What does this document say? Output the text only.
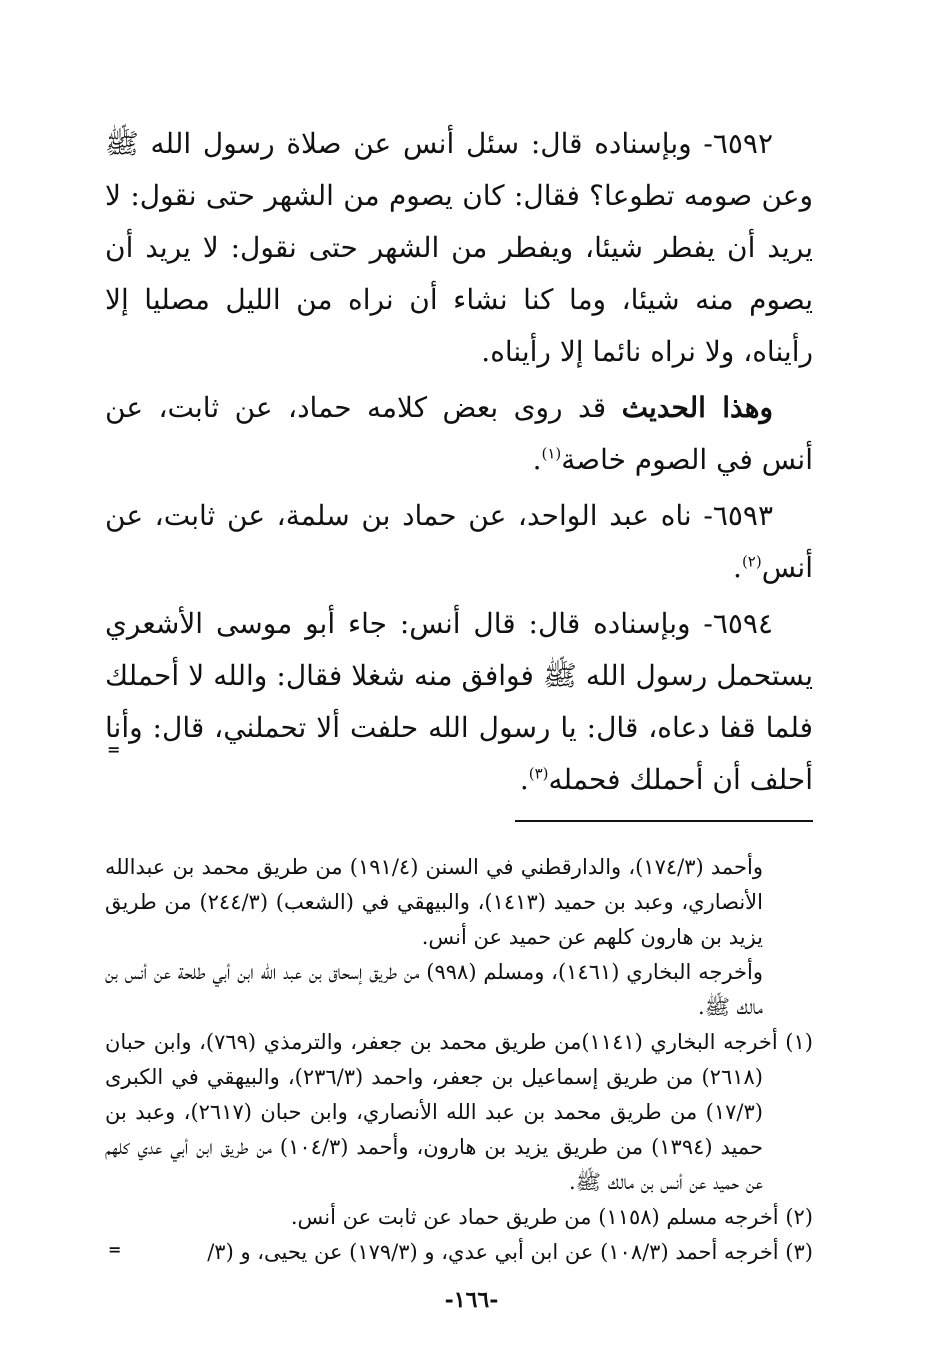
٦٥٩٢- وبإسناده قال: سئل أنس عن صلاة رسول الله ﷺ وعن صومه تطوعا؟ فقال: كان يصوم من الشهر حتى نقول: لا يريد أن يفطر شيئا، ويفطر من الشهر حتى نقول: لا يريد أن يصوم منه شيئا، وما كنا نشاء أن نراه من الليل مصليا إلا رأيناه، ولا نراه نائما إلا رأيناه.

وهذا الحديث قد روى بعض كلامه حماد، عن ثابت، عن أنس في الصوم خاصة$^{(١)}$.

٦٥٩٣- ناه عبد الواحد، عن حماد بن سلمة، عن ثابت، عن أنس$^{(٢)}$.

٦٥٩٤- وبإسناده قال: قال أنس: جاء أبو موسى الأشعري يستحمل رسول الله ﷺ فوافق منه شغلا فقال: والله لا أحملك فلما قفا دعاه، قال: يا رسول الله حلفت ألا تحملني، قال: وأنا أحلف أن أحملك فحمله$^{(٣)}$.

=

وأحمد (١٧٤/٣)، والدارقطني في السنن (١٩١/٤) من طريق محمد بن عبدالله الأنصاري، وعبد بن حميد (١٤١٣)، والبيهقي في (الشعب) (٢٤٤/٣) من طريق يزيد بن هارون كلهم عن حميد عن أنس.

وأخرجه البخاري (١٤٦١)، ومسلم (٩٩٨) من طريق إسحاق بن عبد الله ابن أبي طلحة عن أنس بن مالك ﷺ.

(١) أخرجه البخاري (١١٤١)من طريق محمد بن جعفر، والترمذي (٧٦٩)، وابن حبان (٢٦١٨) من طريق إسماعيل بن جعفر، واحمد (٢٣٦/٣)، والبيهقي في الكبرى (١٧/٣) من طريق محمد بن عبد الله الأنصاري، وابن حبان (٢٦١٧)، وعبد بن حميد (١٣٩٤) من طريق يزيد بن هارون، وأحمد (١٠٤/٣) من طريق ابن أبي عدي كلهم عن حميد عن أنس بن مالك ﷺ.

(٢) أخرجه مسلم (١١٥٨) من طريق حماد عن ثابت عن أنس.

(٣) أخرجه أحمد (١٠٨/٣) عن ابن أبي عدي، و (١٧٩/٣) عن يحيى، و (٣/

=
-١٦٦-
